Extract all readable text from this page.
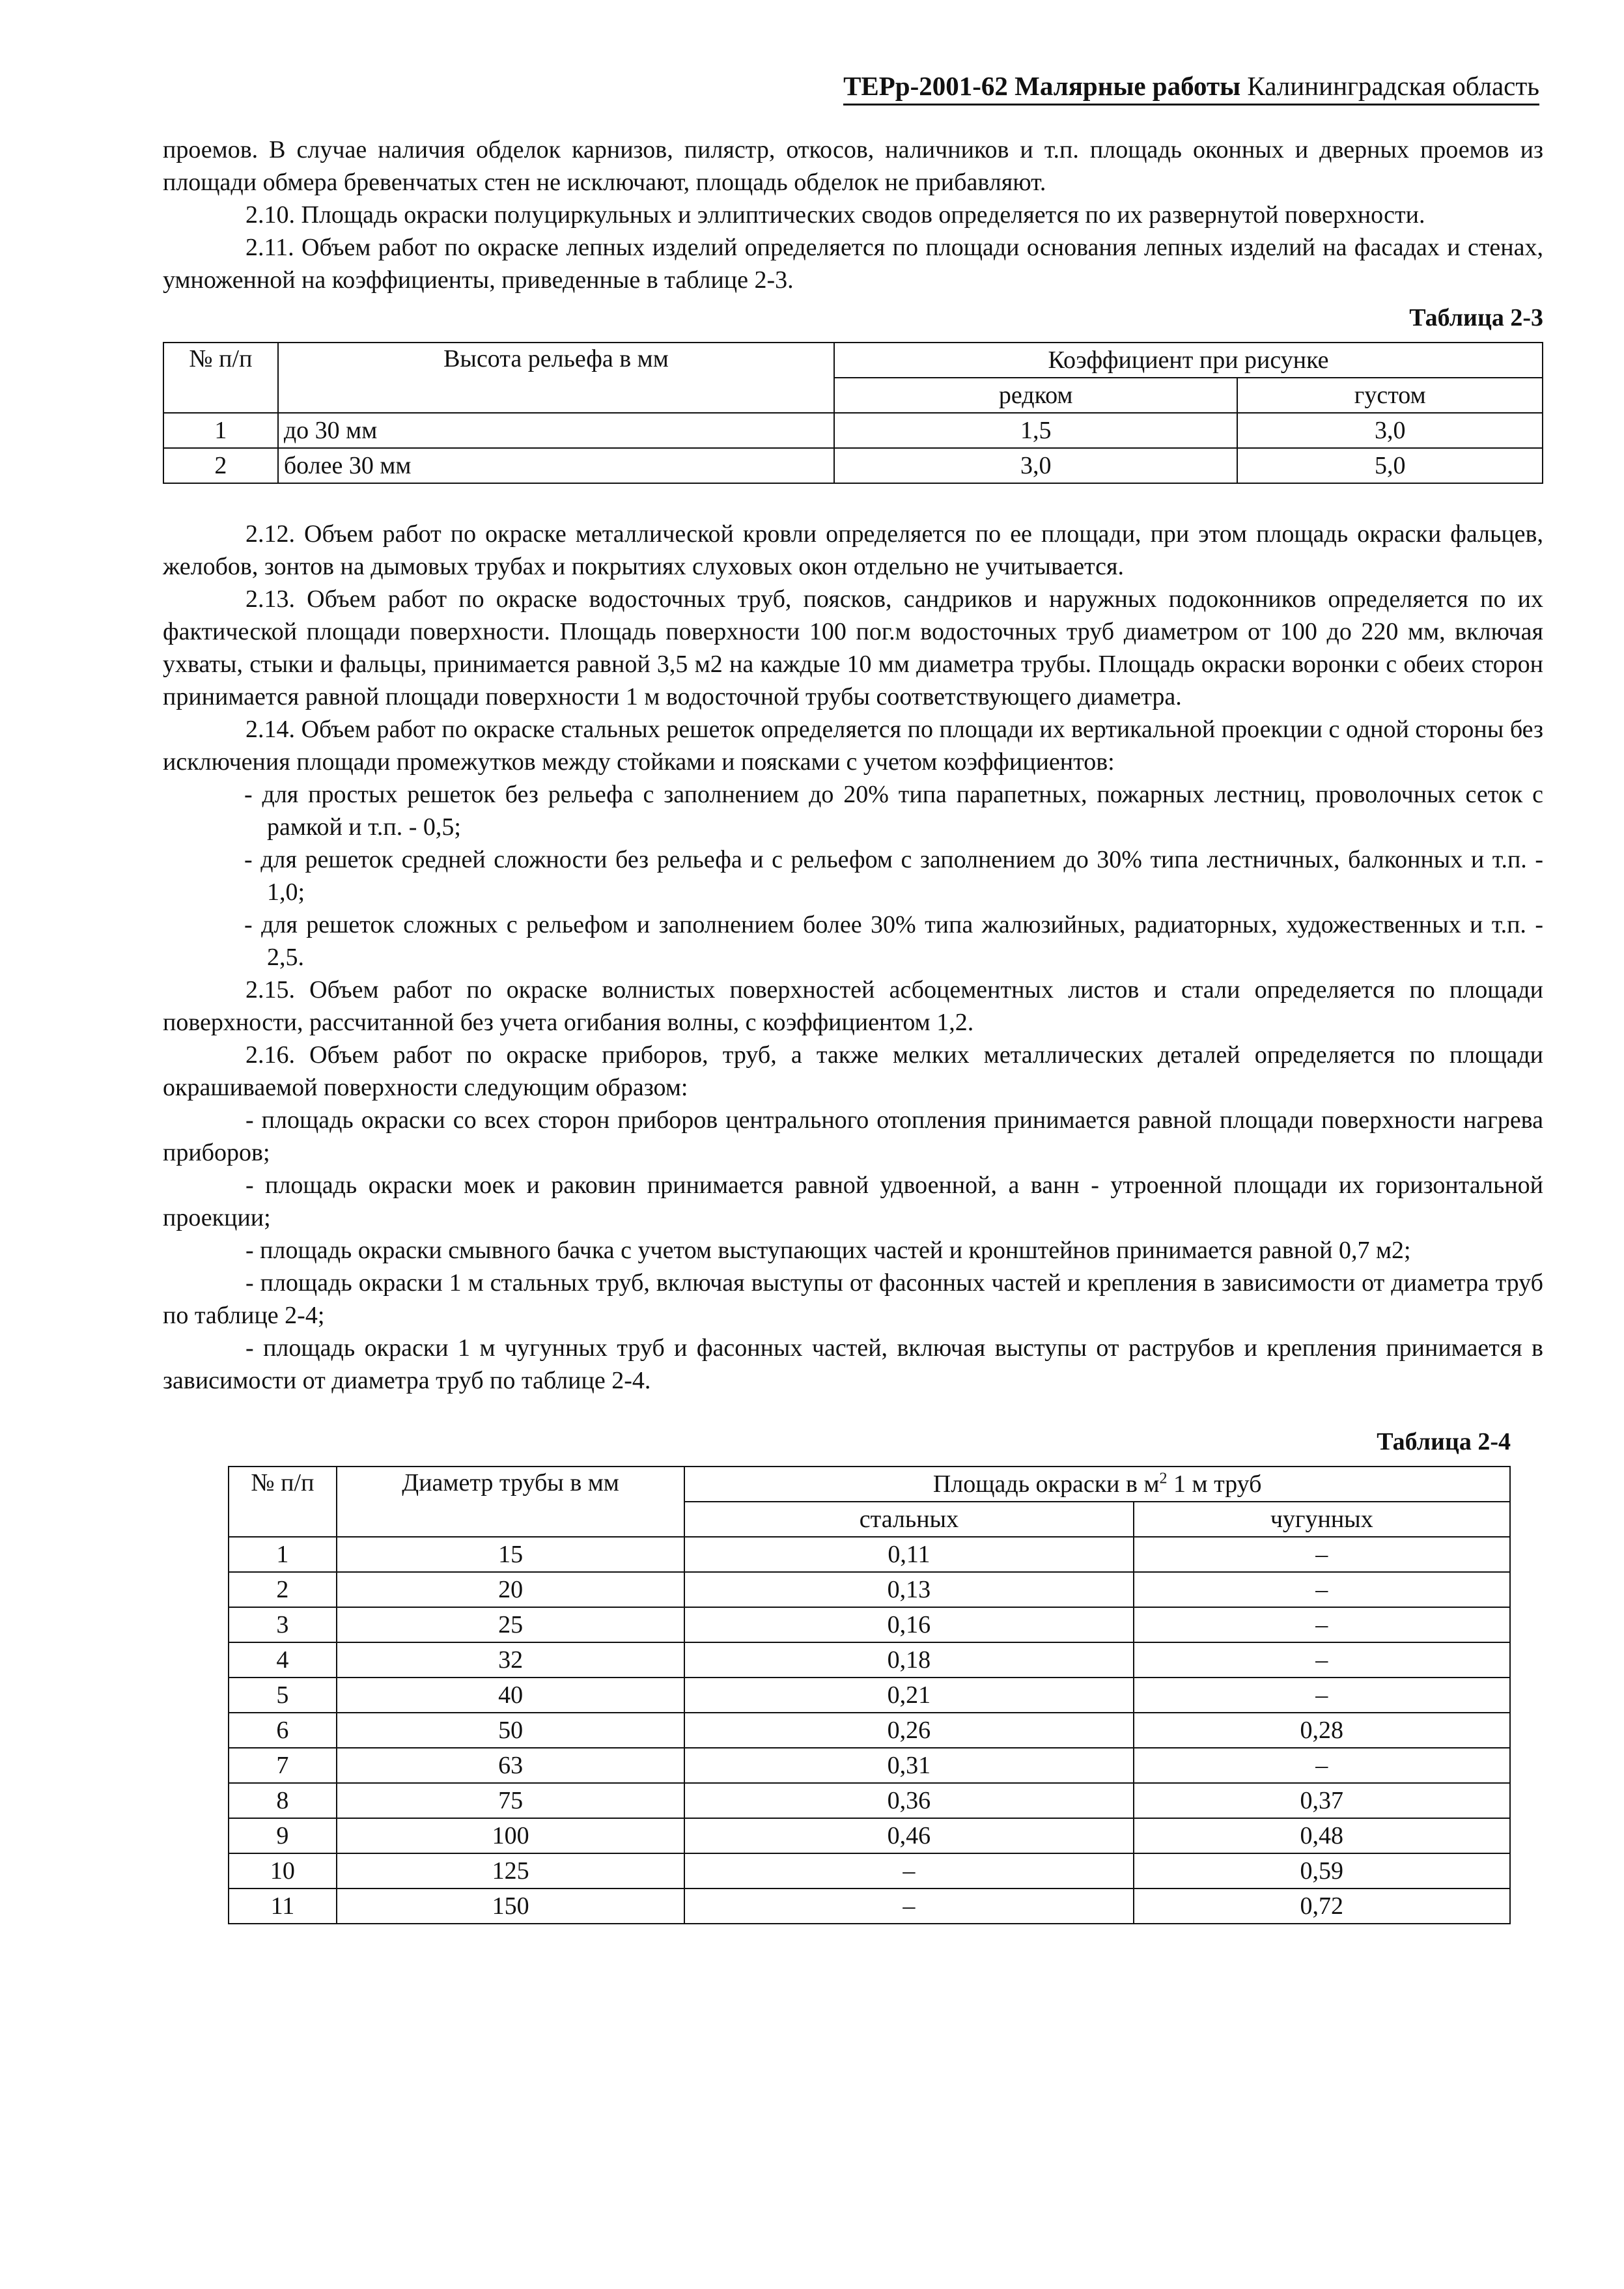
ТЕРр-2001-62 Малярные работы Калининградская область

проемов. В случае наличия обделок карнизов, пилястр, откосов, наличников и т.п. площадь оконных и дверных проемов из площади обмера бревенчатых стен не исключают, площадь обделок не прибавляют.

2.10. Площадь окраски полуциркульных и эллиптических сводов определяется по их развернутой поверхности.

2.11. Объем работ по окраске лепных изделий определяется по площади основания лепных изделий на фасадах и стенах, умноженной на коэффициенты, приведенные в таблице 2-3.

Таблица 2-3
№ п/п	Высота рельефа в мм	Коэффициент при рисунке	
		редком	густом
1	до 30 мм	1,5	3,0
2	более 30 мм	3,0	5,0

2.12. Объем работ по окраске металлической кровли определяется по ее площади, при этом площадь окраски фальцев, желобов, зонтов на дымовых трубах и покрытиях слуховых окон отдельно не учитывается.

2.13. Объем работ по окраске водосточных труб, поясков, сандриков и наружных подоконников определяется по их фактической площади поверхности. Площадь поверхности 100 пог.м водосточных труб диаметром от 100 до 220 мм, включая ухваты, стыки и фальцы, принимается равной 3,5 м2 на каждые 10 мм диаметра трубы. Площадь окраски воронки с обеих сторон принимается равной площади поверхности 1 м водосточной трубы соответствующего диаметра.

2.14. Объем работ по окраске стальных решеток определяется по площади их вертикальной проекции с одной стороны без исключения площади промежутков между стойками и поясками с учетом коэффициентов:

- для простых решеток без рельефа с заполнением до 20% типа парапетных, пожарных лестниц, проволочных сеток с рамкой и т.п. - 0,5;

- для решеток средней сложности без рельефа и с рельефом с заполнением до 30% типа лестничных, балконных и т.п. - 1,0;

- для решеток сложных с рельефом и заполнением более 30% типа жалюзийных, радиаторных, художественных и т.п. - 2,5.

2.15. Объем работ по окраске волнистых поверхностей асбоцементных листов и стали определяется по площади поверхности, рассчитанной без учета огибания волны, с коэффициентом 1,2.

2.16. Объем работ по окраске приборов, труб, а также мелких металлических деталей определяется по площади окрашиваемой поверхности следующим образом:

- площадь окраски со всех сторон приборов центрального отопления принимается равной площади поверхности нагрева приборов;

- площадь окраски моек и раковин принимается равной удвоенной, а ванн - утроенной площади их горизонтальной проекции;

- площадь окраски смывного бачка с учетом выступающих частей и кронштейнов принимается равной 0,7 м2;

- площадь окраски 1 м стальных труб, включая выступы от фасонных частей и крепления в зависимости от диаметра труб по таблице 2-4;

- площадь окраски 1 м чугунных труб и фасонных частей, включая выступы от раструбов и крепления принимается в зависимости от диаметра труб по таблице 2-4.

Таблица 2-4
№ п/п	Диаметр трубы в мм	Площадь окраски в $м^2$ 1 м труб	
		стальных	чугунных
1	15	0,11	–
2	20	0,13	–
3	25	0,16	–
4	32	0,18	–
5	40	0,21	–
6	50	0,26	0,28
7	63	0,31	–
8	75	0,36	0,37
9	100	0,46	0,48
10	125	–	0,59
11	150	–	0,72
